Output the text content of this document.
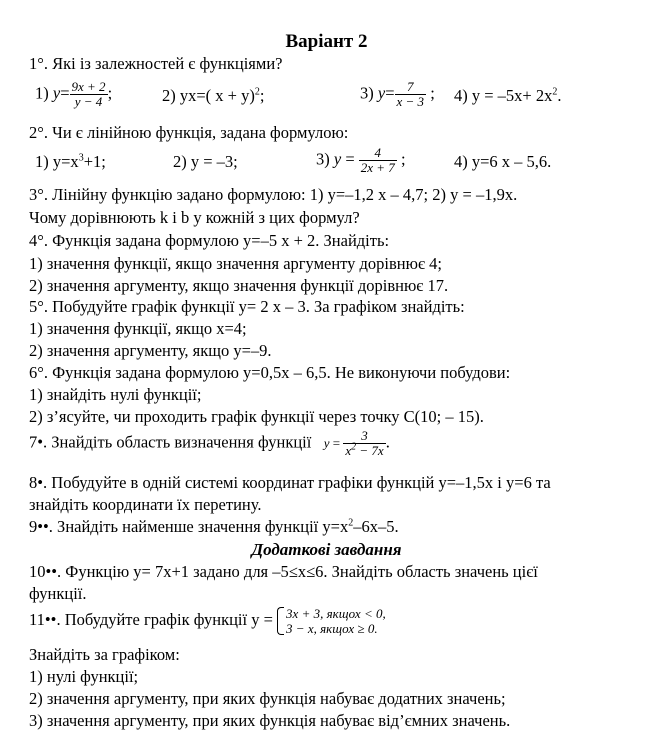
Варіант 2
1°. Які із залежностей є функціями?
1) $y= \frac{9x + 2}{y - 4}$ ;	2) yx=( x + y)$^2$;	3) $y= \frac{7}{x - 3}$ ; 4) $y = -5x+ 2x^2$.
2°. Чи є лінійною функція, задана формулою:
1) $y=x^3+1$;	2) y = –3;	3) $y = \frac{4}{2x + 7}$ ;	4) y=6 x – 5,6.
3°. Лінійну функцію задано формулою: 1) y=–1,2 x – 4,7; 2) y = –1,9x.
Чому дорівнюють k і b у кожній з цих формул?
4°. Функція задана формулою y=–5 x + 2. Знайдіть:
1) значення функції, якщо значення аргументу дорівнює 4;
2) значення аргументу, якщо значення функції дорівнює 17.
5°. Побудуйте графік функції y= 2 x – 3. За графіком знайдіть:
1) значення функції, якщо x=4;
2) значення аргументу, якщо y=–9.
6°. Функція задана формулою y=0,5x – 6,5. Не виконуючи побудови:
1) знайдіть нулі функції;
2) з’ясуйте, чи проходить графік функції через точку C(10; – 15).
7•. Знайдіть область визначення функції $y = \frac{3}{x^2 - 7x}$ .
8•. Побудуйте в одній системі координат графіки функцій y=–1,5x і y=6 та
знайдіть координати їх перетину.
9••. Знайдіть найменше значення функції $y=x^2-6x-5$.
Додаткові завдання
10••. Функцію y= 7x+1 задано для –5≤x≤6. Знайдіть область значень цієї
функції.
11••. Побудуйте графік функції y = 3x + 3, якщох < 0,
3 − x, якщох ≥ 0.
Знайдіть за графіком:
1) нулі функції;
2) значення аргументу, при яких функція набуває додатних значень;
3) значення аргументу, при яких функція набуває від’ємних значень.
